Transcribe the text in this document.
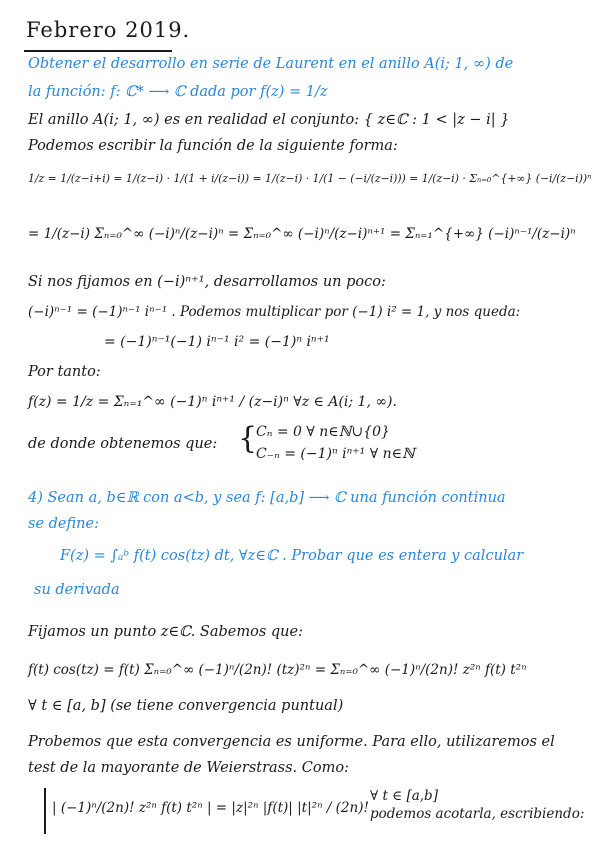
Febrero 2019.
Obtener el desarrollo en serie de Laurent en el anillo A(i; 1, ∞) de
la función: f: ℂ* ⟶ ℂ dada por f(z) = 1/z
El anillo A(i; 1, ∞) es en realidad el conjunto: { z∈ℂ : 1 < |z − i| }
Podemos escribir la función de la siguiente forma:
1/z = 1/(z−i+i) = 1/(z−i) · 1/(1 + i/(z−i)) = 1/(z−i) · 1/(1 − (−i/(z−i))) = 1/(z−i) · Σₙ₌₀^{+∞} (−i/(z−i))ⁿ
= 1/(z−i) Σₙ₌₀^∞ (−i)ⁿ/(z−i)ⁿ = Σₙ₌₀^∞ (−i)ⁿ/(z−i)ⁿ⁺¹ = Σₙ₌₁^{+∞} (−i)ⁿ⁻¹/(z−i)ⁿ
Si nos fijamos en (−i)ⁿ⁺¹, desarrollamos un poco:
(−i)ⁿ⁻¹ = (−1)ⁿ⁻¹ iⁿ⁻¹ . Podemos multiplicar por (−1) i² = 1, y nos queda:
= (−1)ⁿ⁻¹(−1) iⁿ⁻¹ i² = (−1)ⁿ iⁿ⁺¹
Por tanto:
f(z) = 1/z = Σₙ₌₁^∞ (−1)ⁿ iⁿ⁺¹ / (z−i)ⁿ ∀z ∈ A(i; 1, ∞).
de donde obtenemos que: {
Cₙ = 0 ∀ n∈ℕ∪{0}
C₋ₙ = (−1)ⁿ iⁿ⁺¹ ∀ n∈ℕ
4) Sean a, b∈ℝ con a<b, y sea f: [a,b] ⟶ ℂ una función continua
se define:
F(z) = ∫ₐᵇ f(t) cos(tz) dt, ∀z∈ℂ . Probar que es entera y calcular
su derivada
Fijamos un punto z∈ℂ. Sabemos que:
f(t) cos(tz) = f(t) Σₙ₌₀^∞ (−1)ⁿ/(2n)! (tz)²ⁿ = Σₙ₌₀^∞ (−1)ⁿ/(2n)! z²ⁿ f(t) t²ⁿ
∀ t ∈ [a, b] (se tiene convergencia puntual)
Probemos que esta convergencia es uniforme. Para ello, utilizaremos el
test de la mayorante de Weierstrass. Como:
| (−1)ⁿ/(2n)! z²ⁿ f(t) t²ⁿ | = |z|²ⁿ |f(t)| |t|²ⁿ / (2n)!
∀ t ∈ [a,b]
podemos acotarla, escribiendo:
